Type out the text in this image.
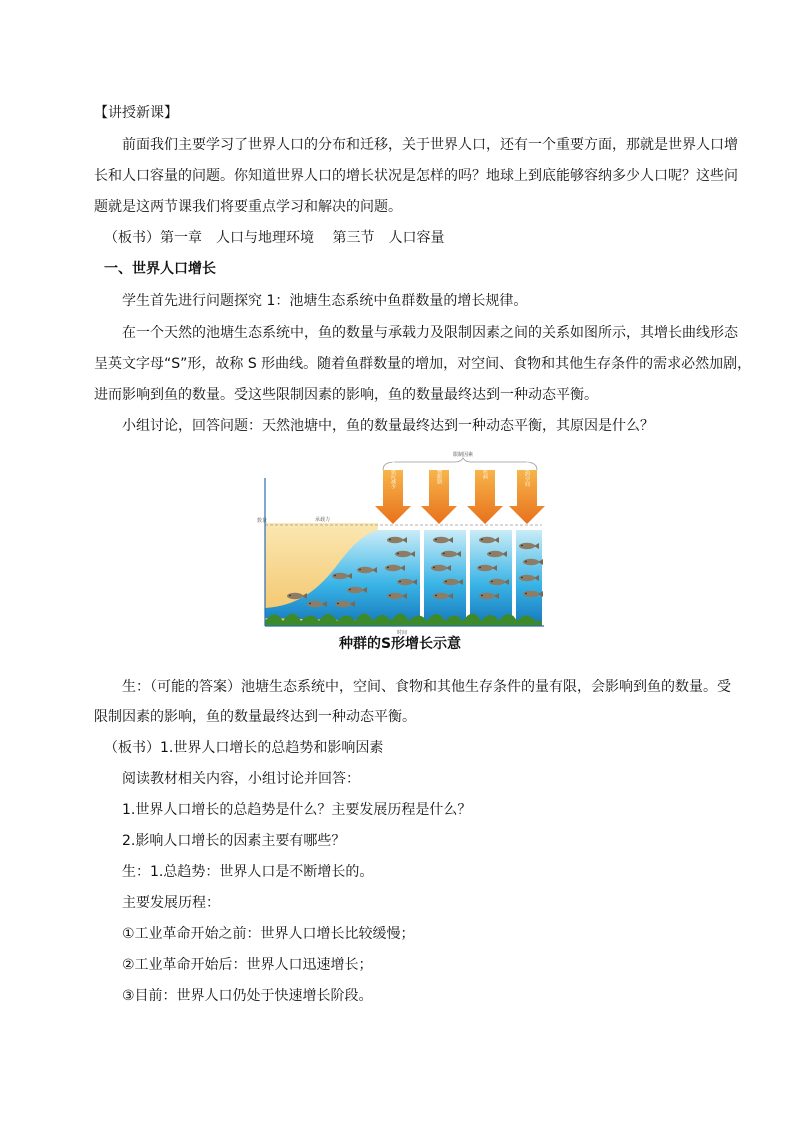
【讲授新课】

前面我们主要学习了世界人口的分布和迁移，关于世界人口，还有一个重要方面，那就是世界人口增

长和人口容量的问题。你知道世界人口的增长状况是怎样的吗？地球上到底能够容纳多少人口呢？这些问

题就是这两节课我们将要重点学习和解决的问题。

（板书）第一章　人口与地理环境　 第三节　人口容量

一、世界人口增长

学生首先进行问题探究 1：池塘生态系统中鱼群数量的增长规律。

在一个天然的池塘生态系统中，鱼的数量与承载力及限制因素之间的关系如图所示，其增长曲线形态

呈英文字母“S”形，故称 S 形曲线。随着鱼群数量的增加，对空间、食物和其他生存条件的需求必然加剧，

进而影响到鱼的数量。受这些限制因素的影响，鱼的数量最终达到一种动态平衡。

小组讨论，回答问题：天然池塘中，鱼的数量最终达到一种动态平衡，其原因是什么？

限制因素
氧气供应减少	食物限制	疾病	有限的空间
承载力
数量
时间
种群的S形增长示意

生：（可能的答案）池塘生态系统中，空间、食物和其他生存条件的量有限，会影响到鱼的数量。受

限制因素的影响，鱼的数量最终达到一种动态平衡。

（板书）1.世界人口增长的总趋势和影响因素

阅读教材相关内容，小组讨论并回答：

1.世界人口增长的总趋势是什么？主要发展历程是什么？

2.影响人口增长的因素主要有哪些？

生：1.总趋势：世界人口是不断增长的。

主要发展历程：

①工业革命开始之前：世界人口增长比较缓慢；

②工业革命开始后：世界人口迅速增长；

③目前：世界人口仍处于快速增长阶段。
